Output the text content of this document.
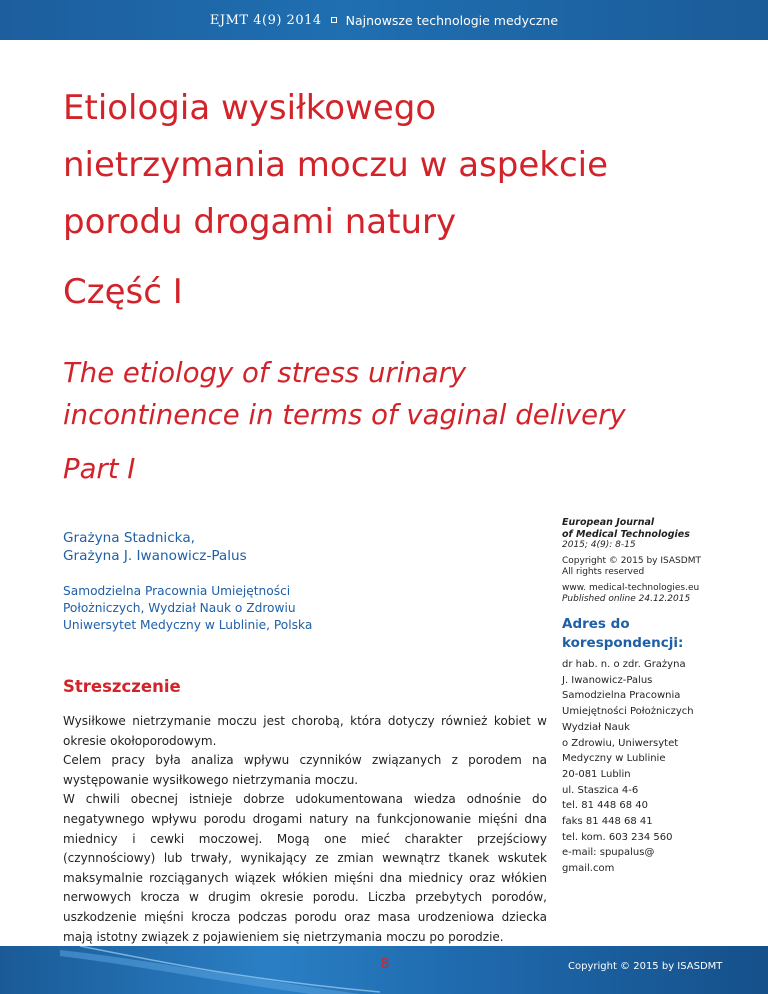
EJMT 4(9) 2014 Najnowsze technologie medyczne
Etiologia wysiłkowego
nietrzymania moczu w aspekcie
porodu drogami natury
Część I
The etiology of stress urinary
incontinence in terms of vaginal delivery
Part I
Grażyna Stadnicka,
Grażyna J. Iwanowicz-Palus
Samodzielna Pracownia Umiejętności
Położniczych, Wydział Nauk o Zdrowiu
Uniwersytet Medyczny w Lublinie, Polska
Streszczenie

Wysiłkowe nietrzymanie moczu jest chorobą, która dotyczy również kobiet w okresie okołoporodowym.

Celem pracy była analiza wpływu czynników związanych z porodem na występowanie wysiłkowego nietrzymania moczu.

W chwili obecnej istnieje dobrze udokumentowana wiedza odnośnie do negatywnego wpływu porodu drogami natury na funkcjonowanie mięśni dna miednicy i cewki moczowej. Mogą one mieć charakter przejściowy (czynnościowy) lub trwały, wynikający ze zmian wewnątrz tkanek wskutek maksymalnie rozciąganych wiązek włókien mięśni dna miednicy oraz włókien nerwowych krocza w drugim okresie porodu. Liczba przebytych porodów, uszkodzenie mięśni krocza podczas porodu oraz masa urodzeniowa dziecka mają istotny związek z pojawieniem się nietrzymania moczu po porodzie.

European Journal
of Medical Technologies
2015; 4(9): 8-15
Copyright © 2015 by ISASDMT
All rights reserved
www. medical-technologies.eu
Published online 24.12.2015
Adres do
korespondencji:
dr hab. n. o zdr. Grażyna
J. Iwanowicz-Palus
Samodzielna Pracownia
Umiejętności Położniczych
Wydział Nauk
o Zdrowiu, Uniwersytet
Medyczny w Lublinie
20-081 Lublin
ul. Staszica 4-6
tel. 81 448 68 40
faks 81 448 68 41
tel. kom. 603 234 560
e-mail: spupalus@
gmail.com
8	Copyright © 2015 by ISASDMT
